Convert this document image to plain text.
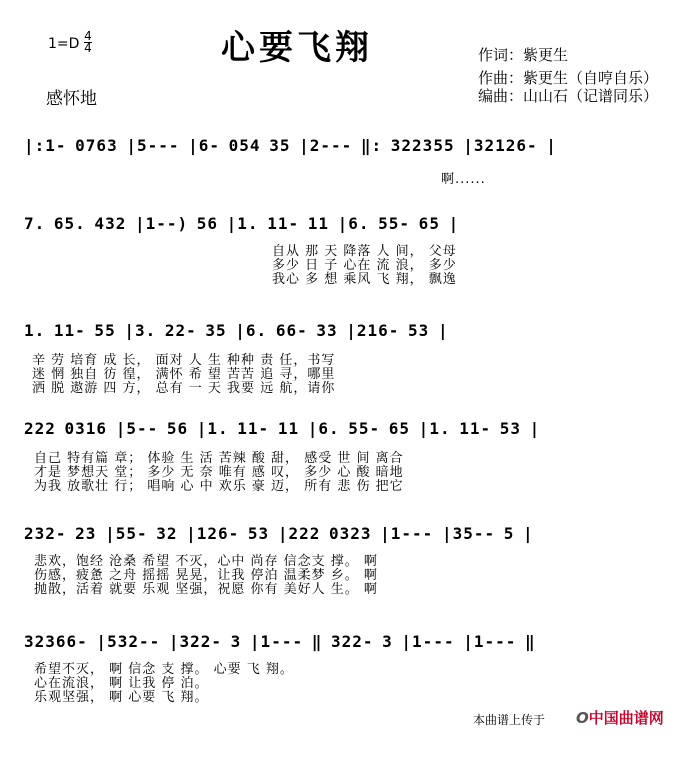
心要飞翔
1=D 4
4
感怀地
作词：紫更生
作曲：紫更生（自哼自乐）
编曲：山山石（记谱同乐）
|:1- 0763 |5--- |6- 054 35 |2--- ‖: 322355 |32126- |
啊......
7. 65. 432 |1--) 56 |1. 11- 11 |6. 55- 65 |
自从 那 天 降落 人 间， 父母
多少 日 子 心在 流 浪， 多少
我心 多 想 乘风 飞 翔， 飘逸
1. 11- 55 |3. 22- 35 |6. 66- 33 |216- 53 |
辛 劳 培育 成 长， 面对 人 生 种种 责 任，书写
迷 惘 独自 彷 徨， 满怀 希 望 苦苦 追 寻，哪里
洒 脱 遨游 四 方， 总有 一 天 我要 远 航，请你
222 0316 |5-- 56 |1. 11- 11 |6. 55- 65 |1. 11- 53 |
自己 特有篇 章； 体验 生 活 苦辣 酸 甜， 感受 世 间 离合
才是 梦想天 堂； 多少 无 奈 唯有 感 叹， 多少 心 酸 暗地
为我 放歌壮 行； 唱响 心 中 欢乐 豪 迈， 所有 悲 伤 把它
232- 23 |55- 32 |126- 53 |222 0323 |1--- |35-- 5 |
悲欢，饱经 沧桑 希望 不灭，心中 尚存 信念支 撑。 啊
伤感，疲惫 之舟 摇摇 晃晃，让我 停泊 温柔梦 乡。 啊
抛散，活着 就要 乐观 坚强，祝愿 你有 美好人 生。 啊
32366- |532-- |322- 3 |1--- ‖ 322- 3 |1--- |1--- ‖
希望不灭， 啊 信念 支 撑。 心要 飞 翔。
心在流浪， 啊 让我 停 泊。
乐观坚强， 啊 心要 飞 翔。
本曲谱上传于 O中国曲谱网
